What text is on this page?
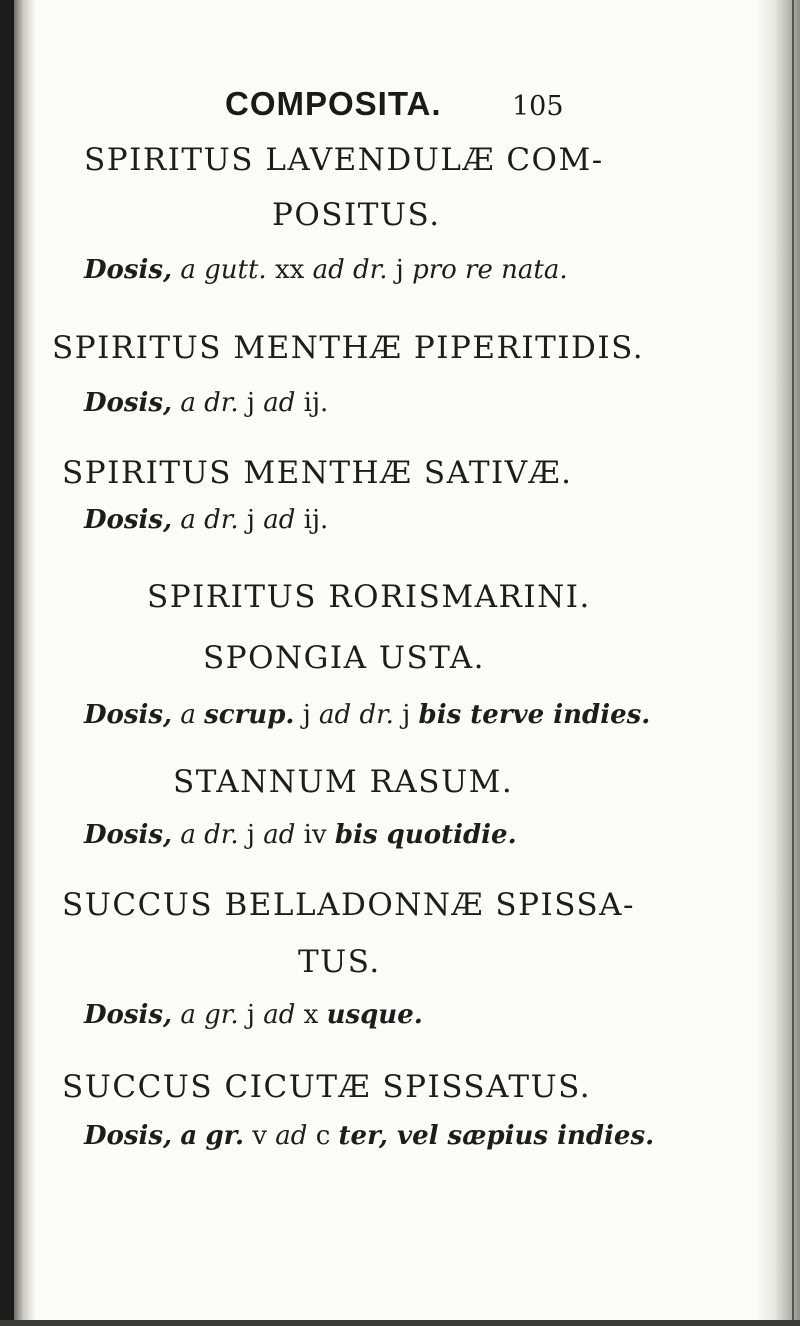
COMPOSITA.	105
SPIRITUS LAVENDULÆ COM-
POSITUS.
Dosis, a gutt. xx ad dr. j pro re nata.
SPIRITUS MENTHÆ PIPERITIDIS.
Dosis, a dr. j ad ij.
SPIRITUS MENTHÆ SATIVÆ.
Dosis, a dr. j ad ij.
SPIRITUS RORISMARINI.
SPONGIA USTA.
Dosis, a scrup. j ad dr. j bis terve indies.
STANNUM RASUM.
Dosis, a dr. j ad iv bis quotidie.
SUCCUS BELLADONNÆ SPISSA-
TUS.
Dosis, a gr. j ad x usque.
SUCCUS CICUTÆ SPISSATUS.
Dosis, a gr. v ad c ter, vel sæpius indies.
